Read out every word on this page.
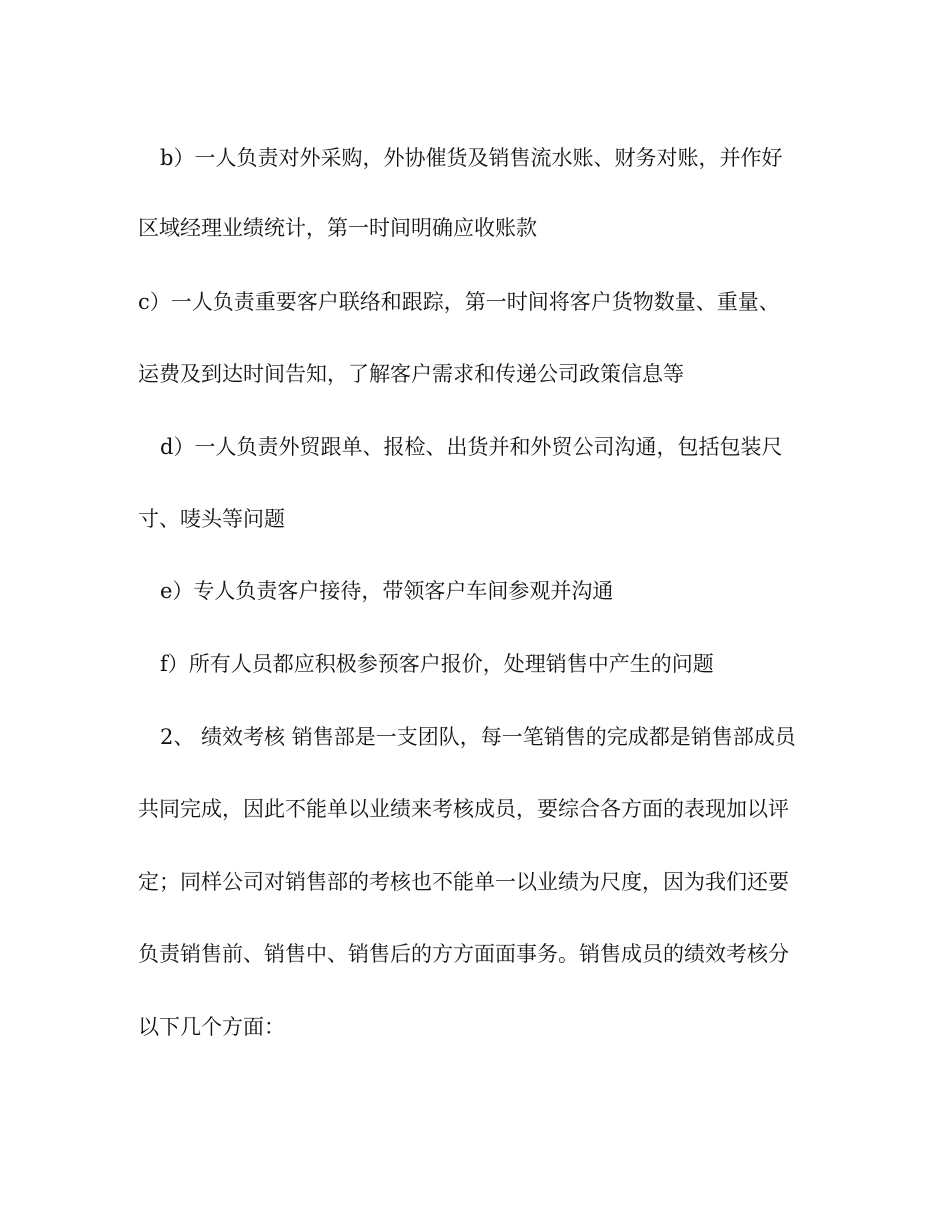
b）一人负责对外采购，外协催货及销售流水账、财务对账，并作好
区域经理业绩统计，第一时间明确应收账款
c）一人负责重要客户联络和跟踪，第一时间将客户货物数量、重量、
运费及到达时间告知，了解客户需求和传递公司政策信息等
d）一人负责外贸跟单、报检、出货并和外贸公司沟通，包括包装尺
寸、唛头等问题
e）专人负责客户接待，带领客户车间参观并沟通
f）所有人员都应积极参预客户报价，处理销售中产生的问题
2、 绩效考核 销售部是一支团队，每一笔销售的完成都是销售部成员
共同完成，因此不能单以业绩来考核成员，要综合各方面的表现加以评
定；同样公司对销售部的考核也不能单一以业绩为尺度，因为我们还要
负责销售前、销售中、销售后的方方面面事务。销售成员的绩效考核分
以下几个方面：
